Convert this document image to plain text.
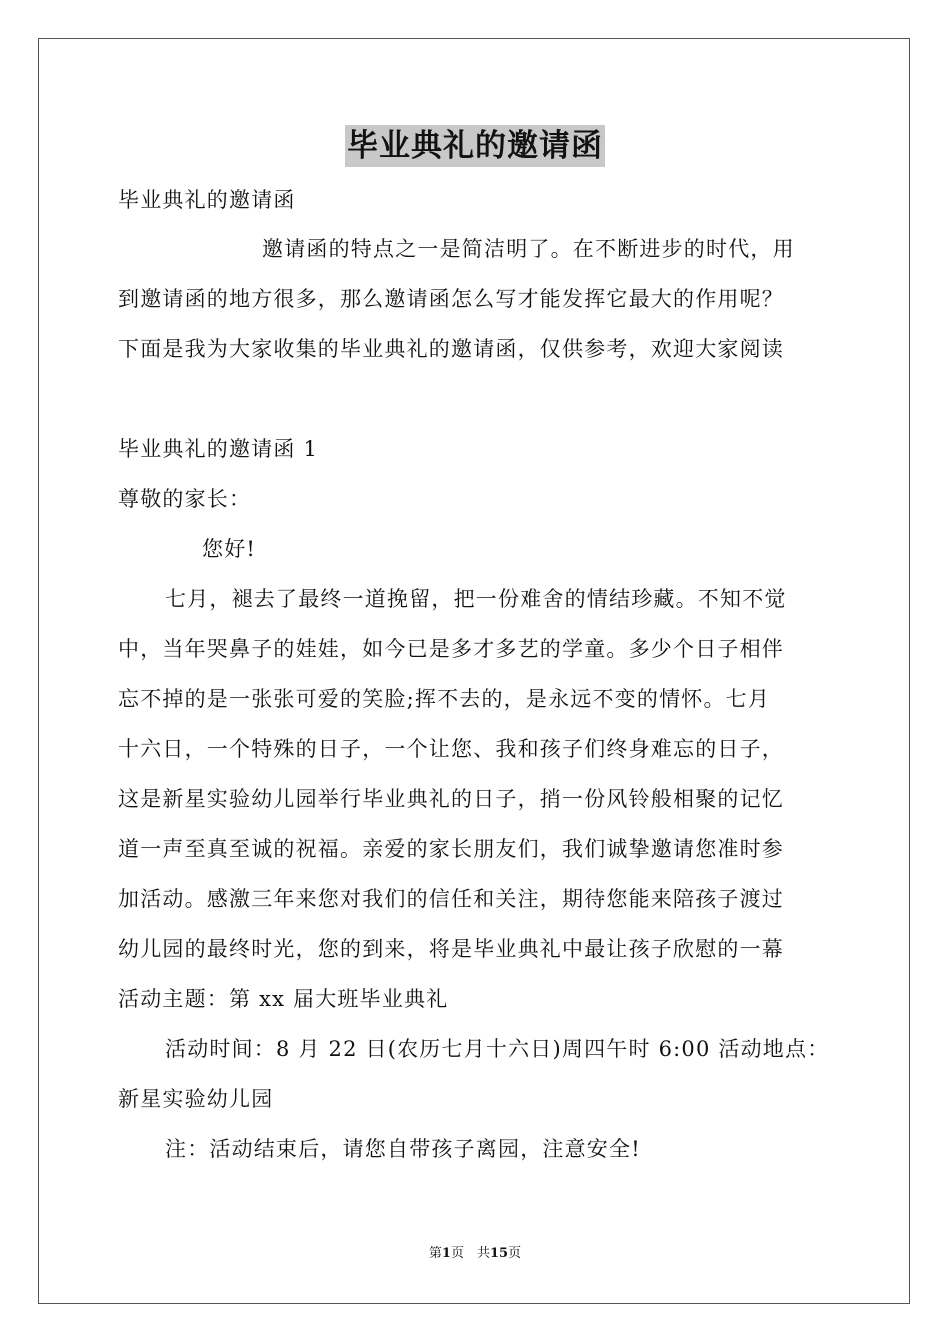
毕业典礼的邀请函
毕业典礼的邀请函
邀请函的特点之一是简洁明了。在不断进步的时代，用
到邀请函的地方很多，那么邀请函怎么写才能发挥它最大的作用呢？
下面是我为大家收集的毕业典礼的邀请函，仅供参考，欢迎大家阅读
毕业典礼的邀请函 1
尊敬的家长：
您好!
七月，褪去了最终一道挽留，把一份难舍的情结珍藏。不知不觉
中，当年哭鼻子的娃娃，如今已是多才多艺的学童。多少个日子相伴
忘不掉的是一张张可爱的笑脸;挥不去的，是永远不变的情怀。七月
十六日，一个特殊的日子，一个让您、我和孩子们终身难忘的日子，
这是新星实验幼儿园举行毕业典礼的日子，捎一份风铃般相聚的记忆
道一声至真至诚的祝福。亲爱的家长朋友们，我们诚挚邀请您准时参
加活动。感激三年来您对我们的信任和关注，期待您能来陪孩子渡过
幼儿园的最终时光，您的到来，将是毕业典礼中最让孩子欣慰的一幕
活动主题：第 xx 届大班毕业典礼
活动时间：8 月 22 日(农历七月十六日)周四午时 6:00 活动地点：
新星实验幼儿园
注：活动结束后，请您自带孩子离园，注意安全!
第1页　共15页
